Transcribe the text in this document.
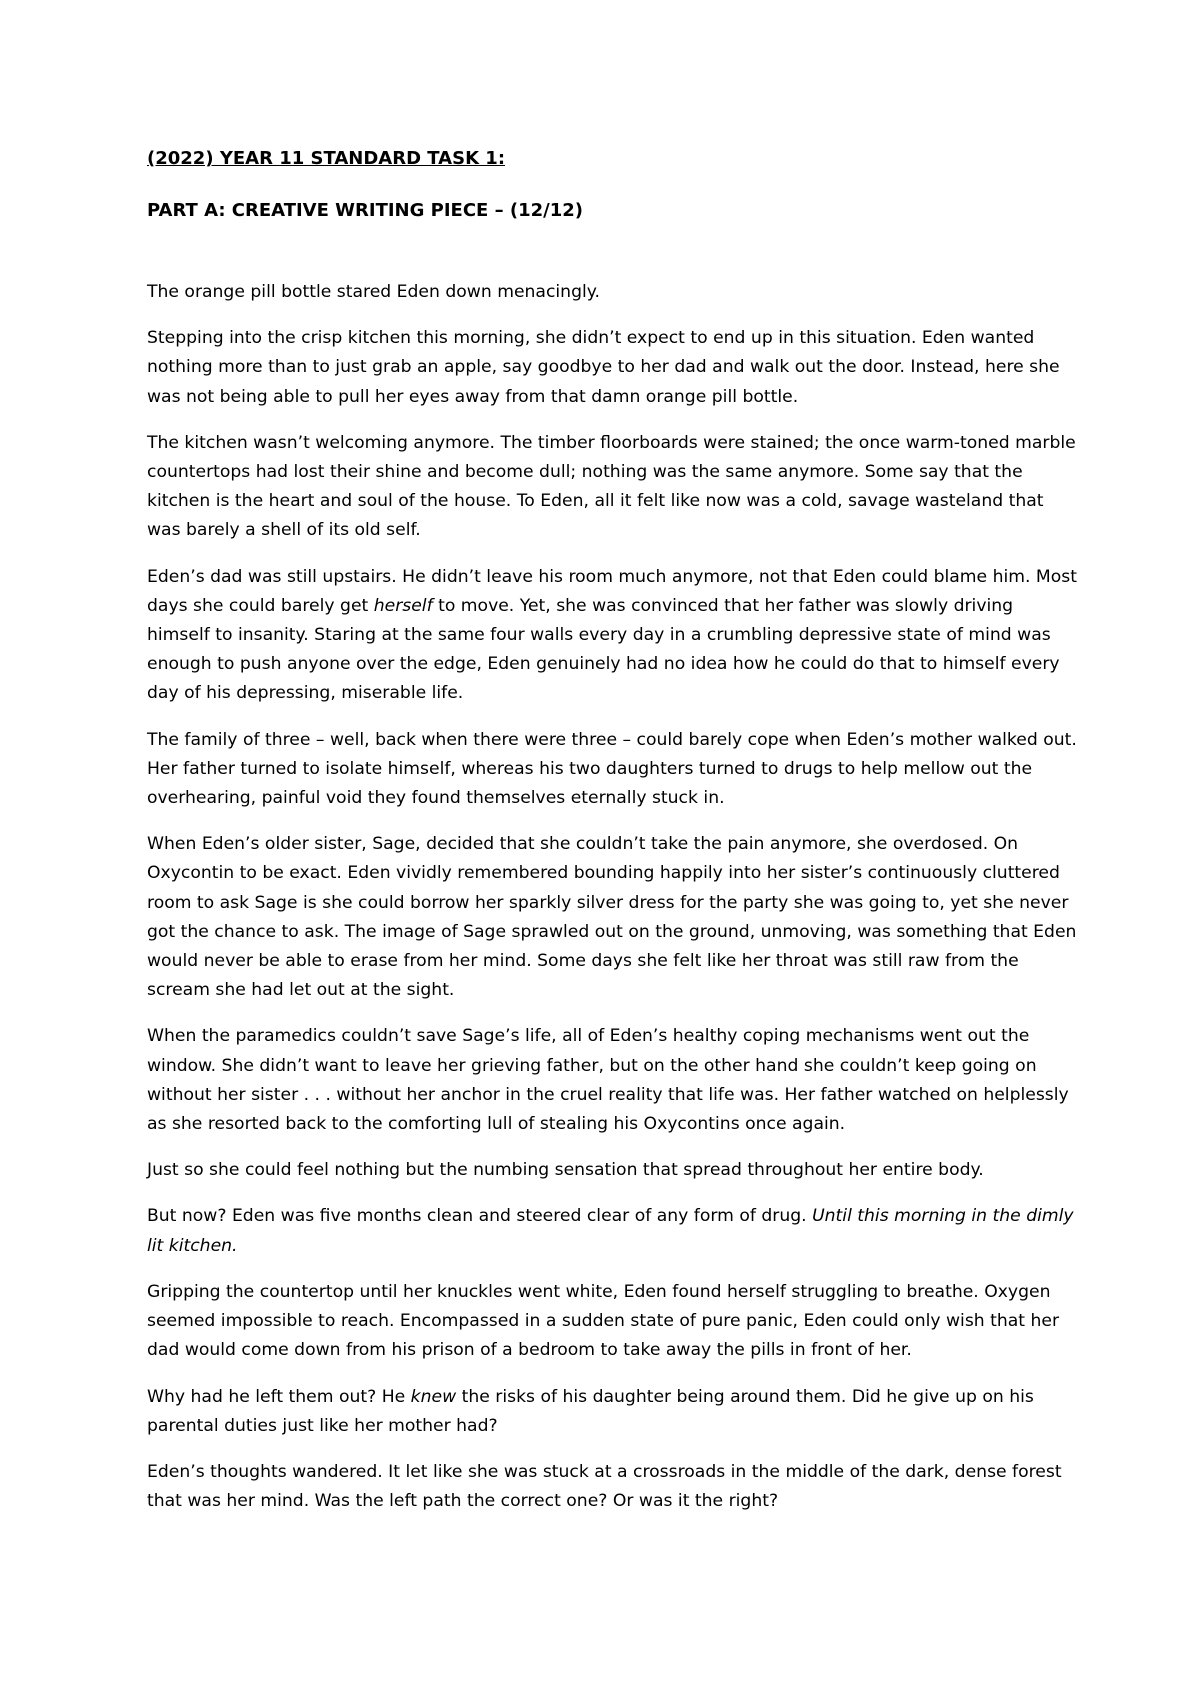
(2022) YEAR 11 STANDARD TASK 1:
PART A: CREATIVE WRITING PIECE – (12/12)

The orange pill bottle stared Eden down menacingly.

Stepping into the crisp kitchen this morning, she didn’t expect to end up in this situation. Eden wanted nothing more than to just grab an apple, say goodbye to her dad and walk out the door. Instead, here she was not being able to pull her eyes away from that damn orange pill bottle.

The kitchen wasn’t welcoming anymore. The timber floorboards were stained; the once warm-toned marble countertops had lost their shine and become dull; nothing was the same anymore. Some say that the kitchen is the heart and soul of the house. To Eden, all it felt like now was a cold, savage wasteland that was barely a shell of its old self.

Eden’s dad was still upstairs. He didn’t leave his room much anymore, not that Eden could blame him. Most days she could barely get herself to move. Yet, she was convinced that her father was slowly driving himself to insanity. Staring at the same four walls every day in a crumbling depressive state of mind was enough to push anyone over the edge, Eden genuinely had no idea how he could do that to himself every day of his depressing, miserable life.

The family of three – well, back when there were three – could barely cope when Eden’s mother walked out. Her father turned to isolate himself, whereas his two daughters turned to drugs to help mellow out the overhearing, painful void they found themselves eternally stuck in.

When Eden’s older sister, Sage, decided that she couldn’t take the pain anymore, she overdosed. On Oxycontin to be exact. Eden vividly remembered bounding happily into her sister’s continuously cluttered room to ask Sage is she could borrow her sparkly silver dress for the party she was going to, yet she never got the chance to ask. The image of Sage sprawled out on the ground, unmoving, was something that Eden would never be able to erase from her mind. Some days she felt like her throat was still raw from the scream she had let out at the sight.

When the paramedics couldn’t save Sage’s life, all of Eden’s healthy coping mechanisms went out the window. She didn’t want to leave her grieving father, but on the other hand she couldn’t keep going on without her sister . . . without her anchor in the cruel reality that life was. Her father watched on helplessly as she resorted back to the comforting lull of stealing his Oxycontins once again.

Just so she could feel nothing but the numbing sensation that spread throughout her entire body.

But now? Eden was five months clean and steered clear of any form of drug. Until this morning in the dimly lit kitchen.

Gripping the countertop until her knuckles went white, Eden found herself struggling to breathe. Oxygen seemed impossible to reach. Encompassed in a sudden state of pure panic, Eden could only wish that her dad would come down from his prison of a bedroom to take away the pills in front of her.

Why had he left them out? He knew the risks of his daughter being around them. Did he give up on his parental duties just like her mother had?

Eden’s thoughts wandered. It let like she was stuck at a crossroads in the middle of the dark, dense forest that was her mind. Was the left path the correct one? Or was it the right?
